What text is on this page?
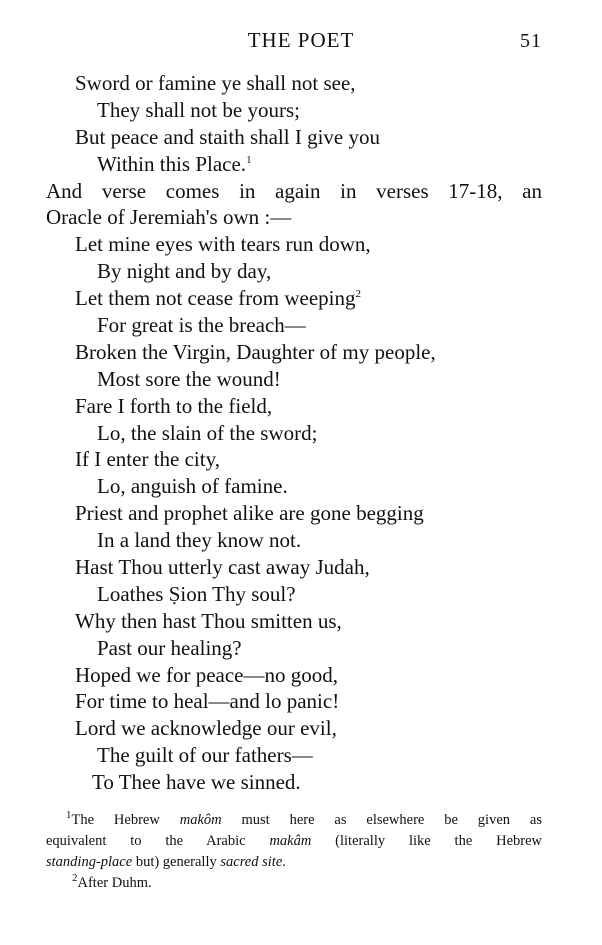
THE POET	51
Sword or famine ye shall not see,
They shall not be yours;
But peace and staith shall I give you
Within this Place.$^1$
And verse comes in again in verses 17-18, an
Oracle of Jeremiah's own :—
Let mine eyes with tears run down,
By night and by day,
Let them not cease from weeping$^2$
For great is the breach—
Broken the Virgin, Daughter of my people,
Most sore the wound!
Fare I forth to the field,
Lo, the slain of the sword;
If I enter the city,
Lo, anguish of famine.
Priest and prophet alike are gone begging
In a land they know not.
Hast Thou utterly cast away Judah,
Loathes Ṣion Thy soul?
Why then hast Thou smitten us,
Past our healing?
Hoped we for peace—no good,
For time to heal—and lo panic!
Lord we acknowledge our evil,
The guilt of our fathers—
To Thee have we sinned.
$^1$The Hebrew makôm must here as elsewhere be given as
equivalent to the Arabic makâm (literally like the Hebrew
standing-place but) generally sacred site.
$^2$After Duhm.
